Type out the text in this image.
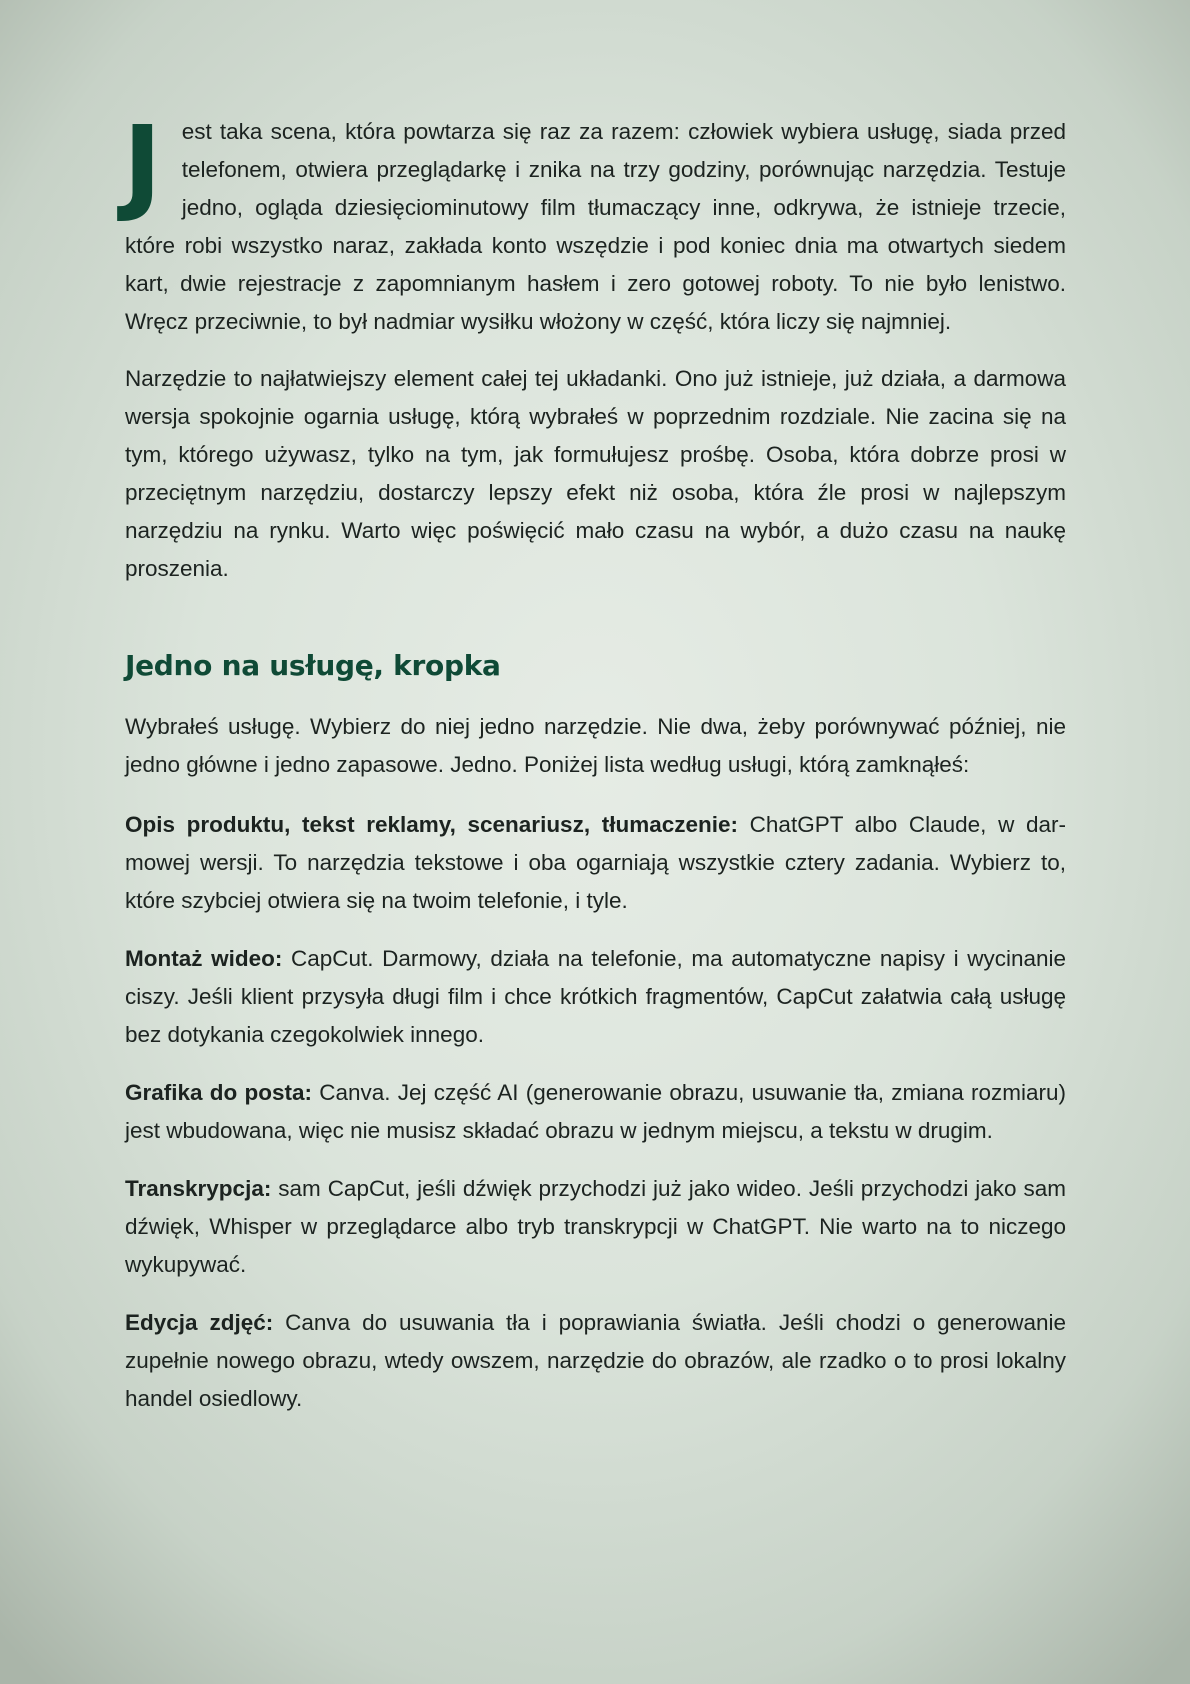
Jest taka scena, która powtarza się raz za razem: człowiek wybiera usługę, siada przed telefonem, otwiera przeglądarkę i znika na trzy godziny, porównując narzędzia. Testuje jedno, ogląda dziesięciominutowy film tłumaczący inne, odkrywa, że istnieje trzecie, które robi wszystko naraz, zakłada konto wszędzie i pod koniec dnia ma otwartych siedem kart, dwie rejestracje z zapomnianym hasłem i zero gotowej roboty. To nie było lenistwo. Wręcz przeciwnie, to był nadmiar wysiłku włożony w część, która liczy się najmniej.

Narzędzie to najłatwiejszy element całej tej układanki. Ono już istnieje, już działa, a darmowa wersja spokojnie ogarnia usługę, którą wybrałeś w poprzednim rozdziale. Nie zacina się na tym, którego używasz, tylko na tym, jak formułujesz prośbę. Osoba, która dobrze prosi w przeciętnym narzędziu, dostarczy lepszy efekt niż osoba, która źle prosi w najlepszym narzędziu na rynku. Warto więc poświęcić mało czasu na wybór, a dużo czasu na naukę proszenia.

Jedno na usługę, kropka

Wybrałeś usługę. Wybierz do niej jedno narzędzie. Nie dwa, żeby porównywać później, nie jedno główne i jedno zapasowe. Jedno. Poniżej lista według usługi, którą zamknąłeś:

Opis produktu, tekst reklamy, scenariusz, tłumaczenie: ChatGPT albo Claude, w darmowej wersji. To narzędzia tekstowe i oba ogarniają wszystkie cztery zadania. Wybierz to, które szybciej otwiera się na twoim telefonie, i tyle.

Montaż wideo: CapCut. Darmowy, działa na telefonie, ma automatyczne napisy i wycinanie ciszy. Jeśli klient przysyła długi film i chce krótkich fragmentów, CapCut załatwia całą usługę bez dotykania czegokolwiek innego.

Grafika do posta: Canva. Jej część AI (generowanie obrazu, usuwanie tła, zmiana rozmiaru) jest wbudowana, więc nie musisz składać obrazu w jednym miejscu, a tekstu w drugim.

Transkrypcja: sam CapCut, jeśli dźwięk przychodzi już jako wideo. Jeśli przychodzi jako sam dźwięk, Whisper w przeglądarce albo tryb transkrypcji w ChatGPT. Nie warto na to niczego wykupywać.

Edycja zdjęć: Canva do usuwania tła i poprawiania światła. Jeśli chodzi o generowanie zupełnie nowego obrazu, wtedy owszem, narzędzie do obrazów, ale rzadko o to prosi lokalny handel osiedlowy.
